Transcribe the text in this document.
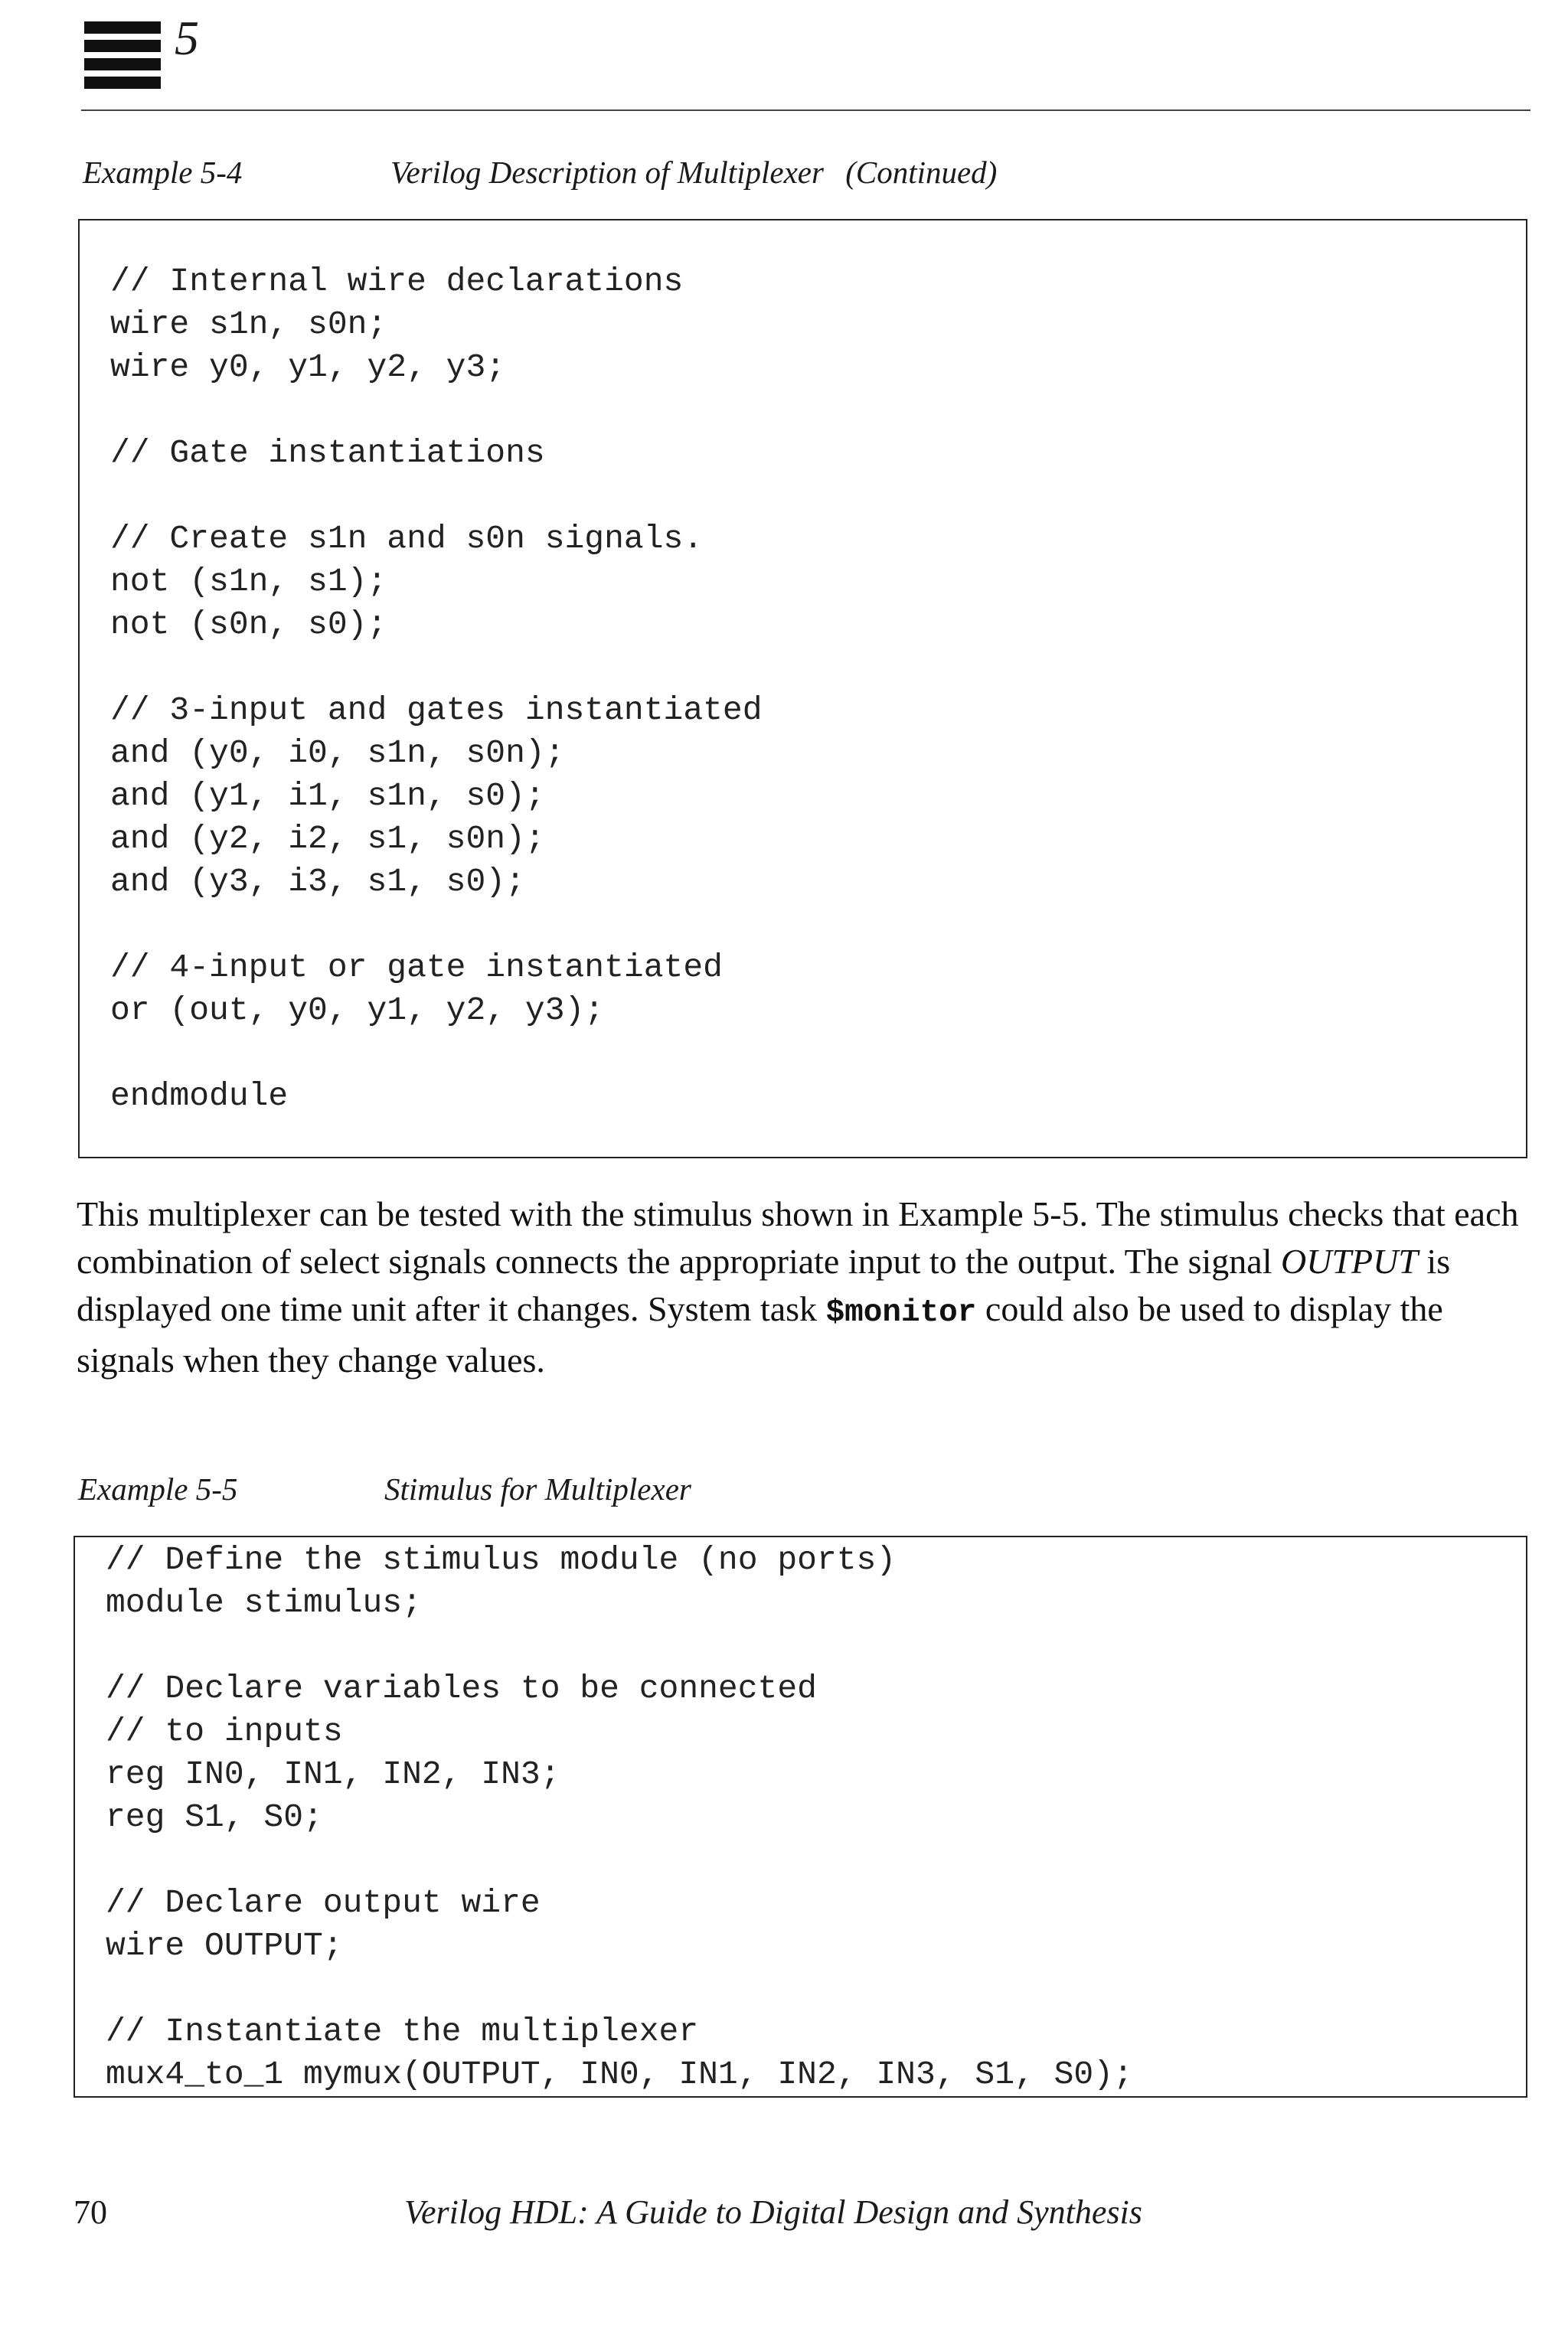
5
Example 5-4	Verilog Description of Multiplexer (Continued)
// Internal wire declarations
wire s1n, s0n;
wire y0, y1, y2, y3;
// Gate instantiations
// Create s1n and s0n signals.
not (s1n, s1);
not (s0n, s0);
// 3-input and gates instantiated
and (y0, i0, s1n, s0n);
and (y1, i1, s1n, s0);
and (y2, i2, s1, s0n);
and (y3, i3, s1, s0);
// 4-input or gate instantiated
or (out, y0, y1, y2, y3);
endmodule
This multiplexer can be tested with the stimulus shown in Example 5-5. The stimulus checks that each combination of select signals connects the appropriate input to the output. The signal OUTPUT is displayed one time unit after it changes. System task $monitor could also be used to display the signals when they change values.
Example 5-5	Stimulus for Multiplexer
// Define the stimulus module (no ports)
module stimulus;
// Declare variables to be connected
// to inputs
reg IN0, IN1, IN2, IN3;
reg S1, S0;
// Declare output wire
wire OUTPUT;
// Instantiate the multiplexer
mux4_to_1 mymux(OUTPUT, IN0, IN1, IN2, IN3, S1, S0);
70	Verilog HDL: A Guide to Digital Design and Synthesis
